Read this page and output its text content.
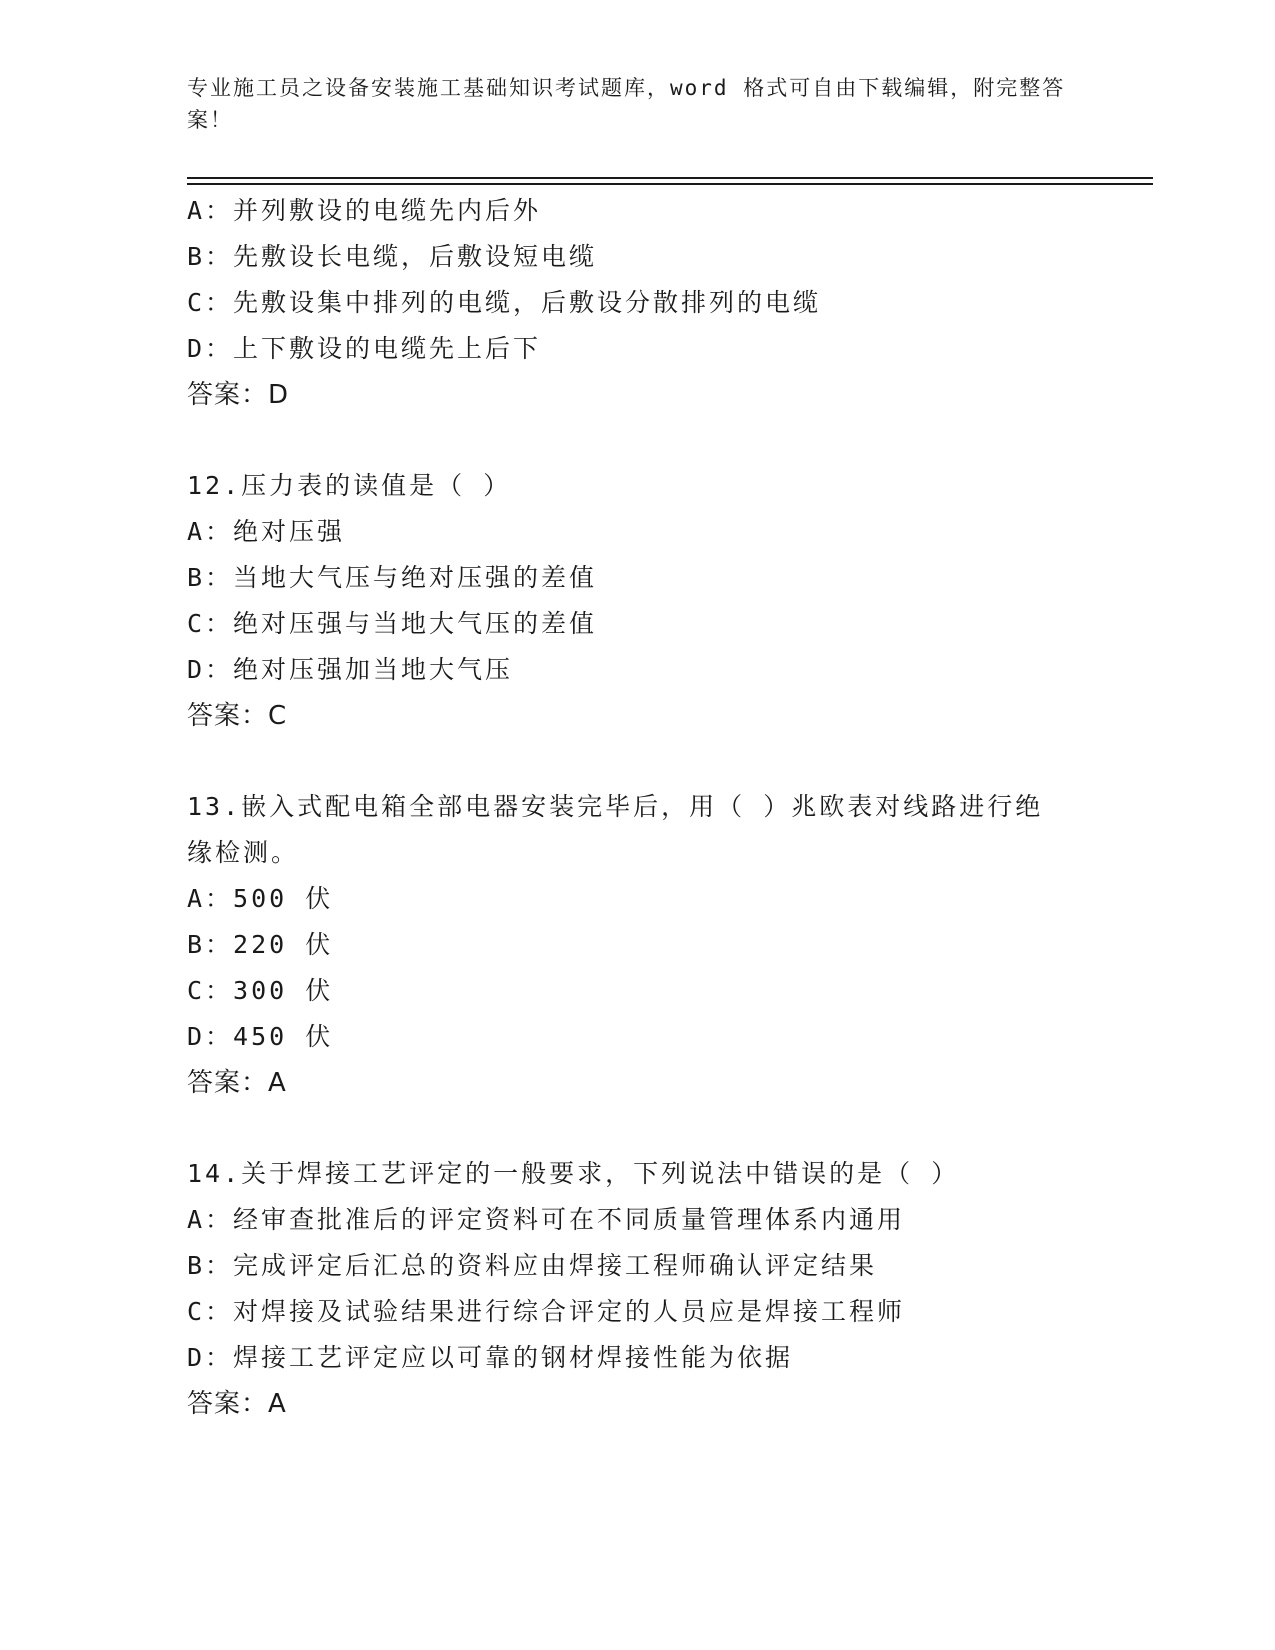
专业施工员之设备安装施工基础知识考试题库，word 格式可自由下载编辑，附完整答案！
A：并列敷设的电缆先内后外
B：先敷设长电缆，后敷设短电缆
C：先敷设集中排列的电缆，后敷设分散排列的电缆
D：上下敷设的电缆先上后下
答案：D
12.压力表的读值是（ ）
A：绝对压强
B：当地大气压与绝对压强的差值
C：绝对压强与当地大气压的差值
D：绝对压强加当地大气压
答案：C
13.嵌入式配电箱全部电器安装完毕后，用（ ）兆欧表对线路进行绝缘检测。
A：500 伏
B：220 伏
C：300 伏
D：450 伏
答案：A
14.关于焊接工艺评定的一般要求，下列说法中错误的是（ ）
A：经审查批准后的评定资料可在不同质量管理体系内通用
B：完成评定后汇总的资料应由焊接工程师确认评定结果
C：对焊接及试验结果进行综合评定的人员应是焊接工程师
D：焊接工艺评定应以可靠的钢材焊接性能为依据
答案：A
